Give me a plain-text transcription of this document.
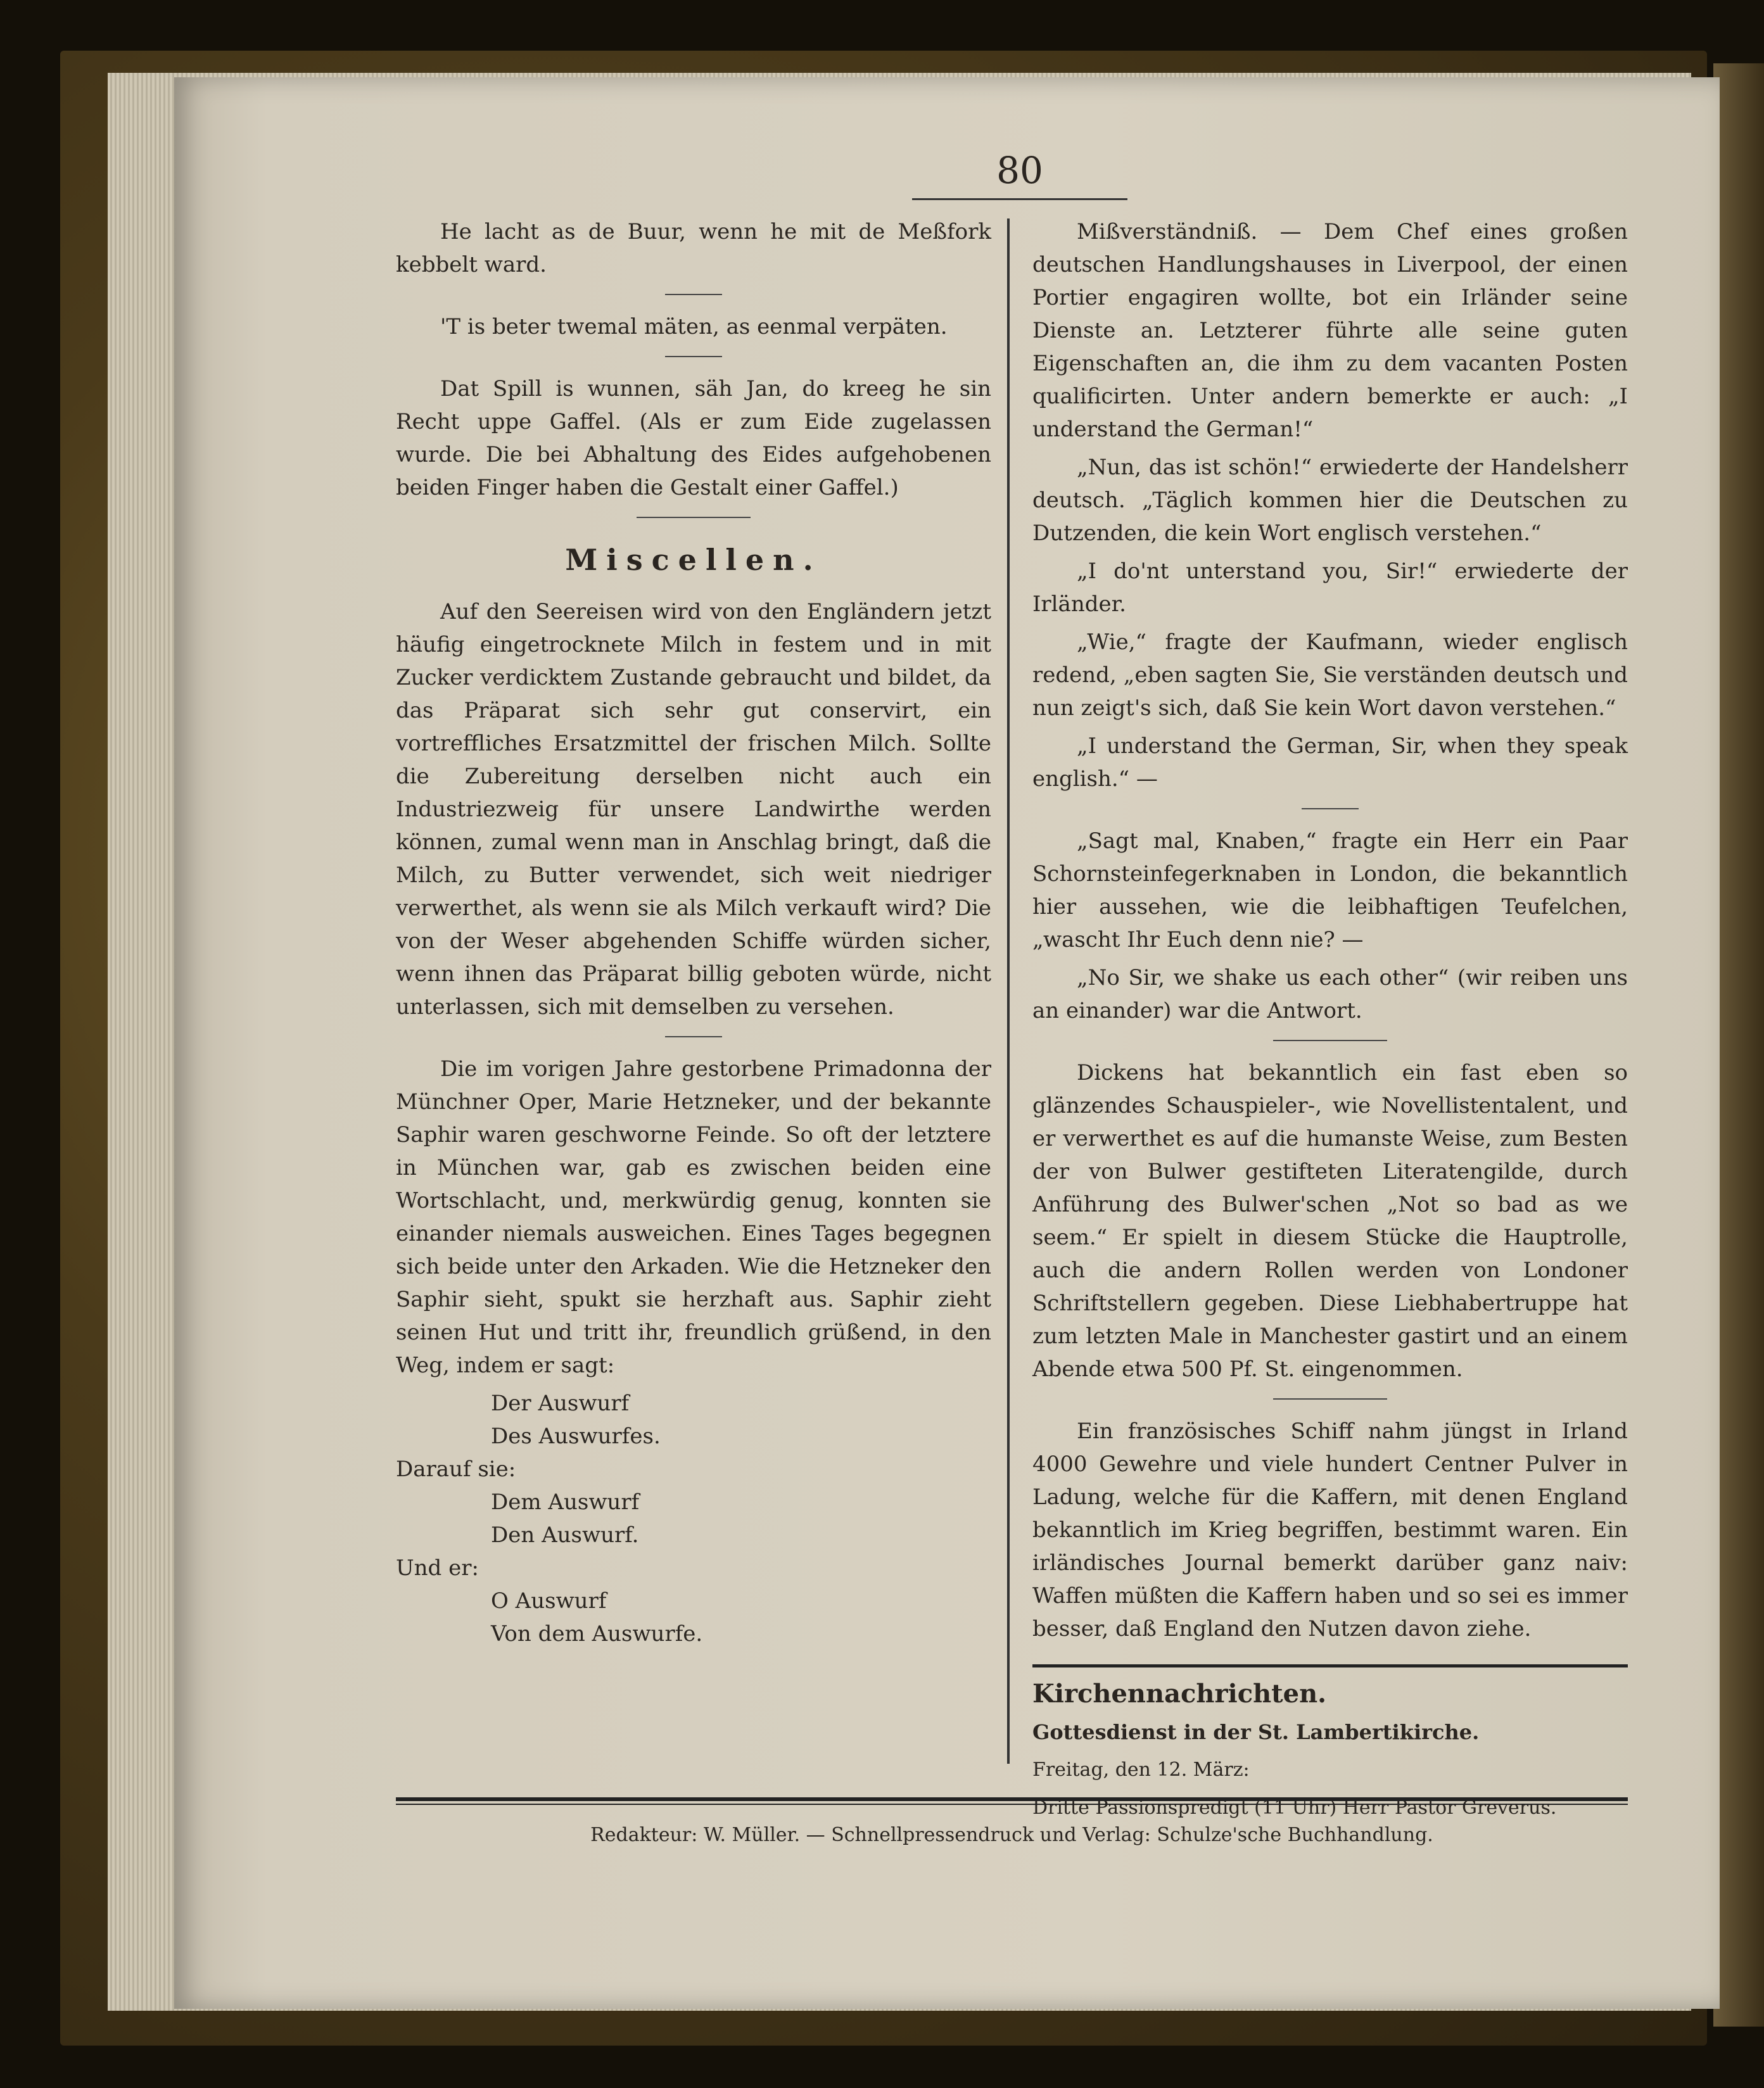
80

He lacht as de Buur, wenn he mit de Meßfork kebbelt ward.

'T is beter twemal mäten, as eenmal verpäten.

Dat Spill is wunnen, säh Jan, do kreeg he sin Recht uppe Gaffel. (Als er zum Eide zugelassen wurde. Die bei Abhaltung des Eides aufgehobenen beiden Finger haben die Gestalt einer Gaffel.)

Miscellen.

Auf den Seereisen wird von den Engländern jetzt häufig eingetrocknete Milch in festem und in mit Zucker verdicktem Zustande gebraucht und bildet, da das Präparat sich sehr gut conservirt, ein vortreffliches Ersatzmittel der frischen Milch. Sollte die Zubereitung derselben nicht auch ein Industriezweig für unsere Landwirthe werden können, zumal wenn man in Anschlag bringt, daß die Milch, zu Butter verwendet, sich weit niedriger verwerthet, als wenn sie als Milch verkauft wird? Die von der Weser abgehenden Schiffe würden sicher, wenn ihnen das Präparat billig geboten würde, nicht unterlassen, sich mit demselben zu versehen.

Die im vorigen Jahre gestorbene Primadonna der Münchner Oper, Marie Hetzneker, und der bekannte Saphir waren geschworne Feinde. So oft der letztere in München war, gab es zwischen beiden eine Wortschlacht, und, merkwürdig genug, konnten sie einander niemals ausweichen. Eines Tages begegnen sich beide unter den Arkaden. Wie die Hetzneker den Saphir sieht, spukt sie herzhaft aus. Saphir zieht seinen Hut und tritt ihr, freundlich grüßend, in den Weg, indem er sagt:

Der Auswurf

Des Auswurfes.

Darauf sie:

Dem Auswurf

Den Auswurf.

Und er:

O Auswurf

Von dem Auswurfe.

Mißverständniß. — Dem Chef eines großen deutschen Handlungshauses in Liverpool, der einen Portier engagiren wollte, bot ein Irländer seine Dienste an. Letzterer führte alle seine guten Eigenschaften an, die ihm zu dem vacanten Posten qualificirten. Unter andern bemerkte er auch: „I understand the German!“

„Nun, das ist schön!“ erwiederte der Handelsherr deutsch. „Täglich kommen hier die Deutschen zu Dutzenden, die kein Wort englisch verstehen.“

„I do'nt unterstand you, Sir!“ erwiederte der Irländer.

„Wie,“ fragte der Kaufmann, wieder englisch redend, „eben sagten Sie, Sie verständen deutsch und nun zeigt's sich, daß Sie kein Wort davon verstehen.“

„I understand the German, Sir, when they speak english.“ —

„Sagt mal, Knaben,“ fragte ein Herr ein Paar Schornsteinfegerknaben in London, die bekanntlich hier aussehen, wie die leibhaftigen Teufelchen, „wascht Ihr Euch denn nie? —

„No Sir, we shake us each other“ (wir reiben uns an einander) war die Antwort.

Dickens hat bekanntlich ein fast eben so glänzendes Schauspieler-, wie Novellistentalent, und er verwerthet es auf die humanste Weise, zum Besten der von Bulwer gestifteten Literatengilde, durch Anführung des Bulwer'schen „Not so bad as we seem.“ Er spielt in diesem Stücke die Hauptrolle, auch die andern Rollen werden von Londoner Schriftstellern gegeben. Diese Liebhabertruppe hat zum letzten Male in Manchester gastirt und an einem Abende etwa 500 Pf. St. eingenommen.

Ein französisches Schiff nahm jüngst in Irland 4000 Gewehre und viele hundert Centner Pulver in Ladung, welche für die Kaffern, mit denen England bekanntlich im Krieg begriffen, bestimmt waren. Ein irländisches Journal bemerkt darüber ganz naiv: Waffen müßten die Kaffern haben und so sei es immer besser, daß England den Nutzen davon ziehe.

Kirchennachrichten.

Gottesdienst in der St. Lambertikirche.

Freitag, den 12. März:

Dritte Passionspredigt (11 Uhr) Herr Pastor Greverus.

Redakteur: W. Müller. — Schnellpressendruck und Verlag: Schulze'sche Buchhandlung.
